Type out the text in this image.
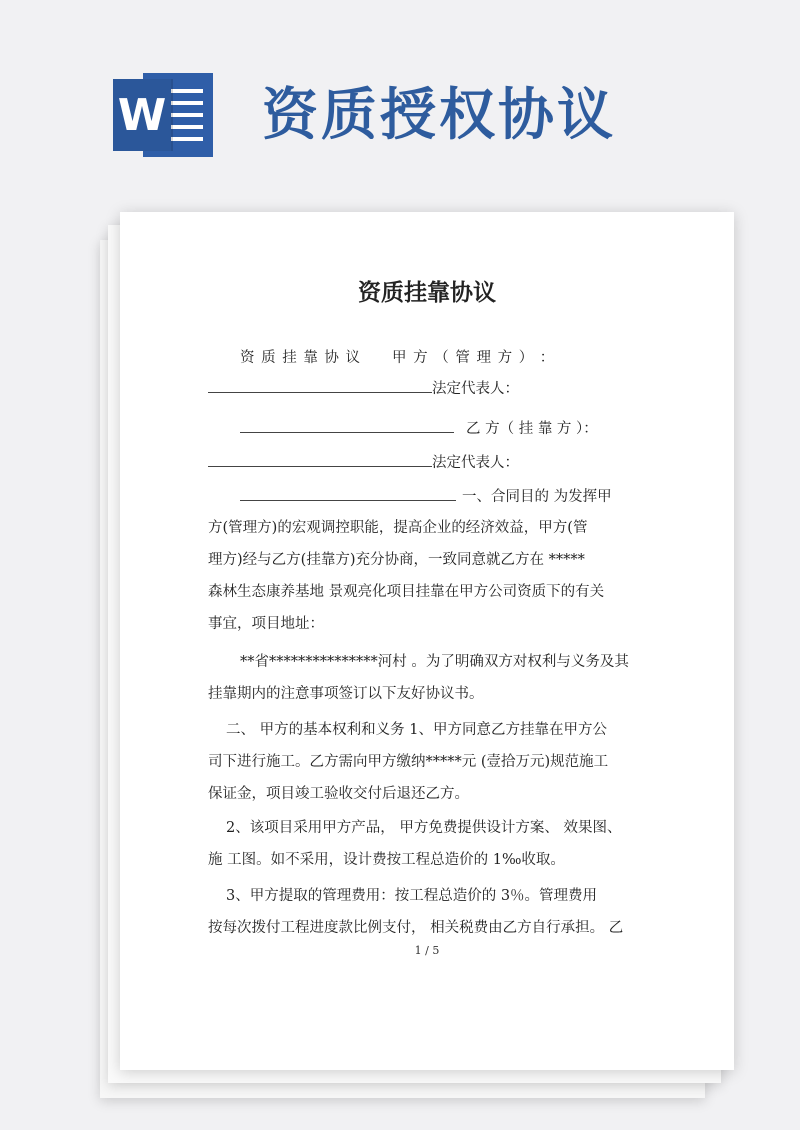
W 资质授权协议
资质挂靠协议

资 质 挂 靠 协 议　　甲 方 （ 管 理 方 ） ：

法定代表人：

乙 方（ 挂 靠 方 ）：

法定代表人：

一、合同目的 为发挥甲

方(管理方)的宏观调控职能，提高企业的经济效益，甲方(管

理方)经与乙方(挂靠方)充分协商，一致同意就乙方在 *****

森林生态康养基地 景观亮化项目挂靠在甲方公司资质下的有关

事宜，项目地址：

**省***************河村 。为了明确双方对权利与义务及其

挂靠期内的注意事项签订以下友好协议书。

二、 甲方的基本权利和义务 1、甲方同意乙方挂靠在甲方公

司下进行施工。乙方需向甲方缴纳*****元 (壹拾万元)规范施工

保证金，项目竣工验收交付后退还乙方。

2、该项目采用甲方产品， 甲方免费提供设计方案、 效果图、

施 工图。如不采用，设计费按工程总造价的 1‰收取。

3、甲方提取的管理费用：按工程总造价的 3％。管理费用

按每次拨付工程进度款比例支付， 相关税费由乙方自行承担。 乙

1 / 5
